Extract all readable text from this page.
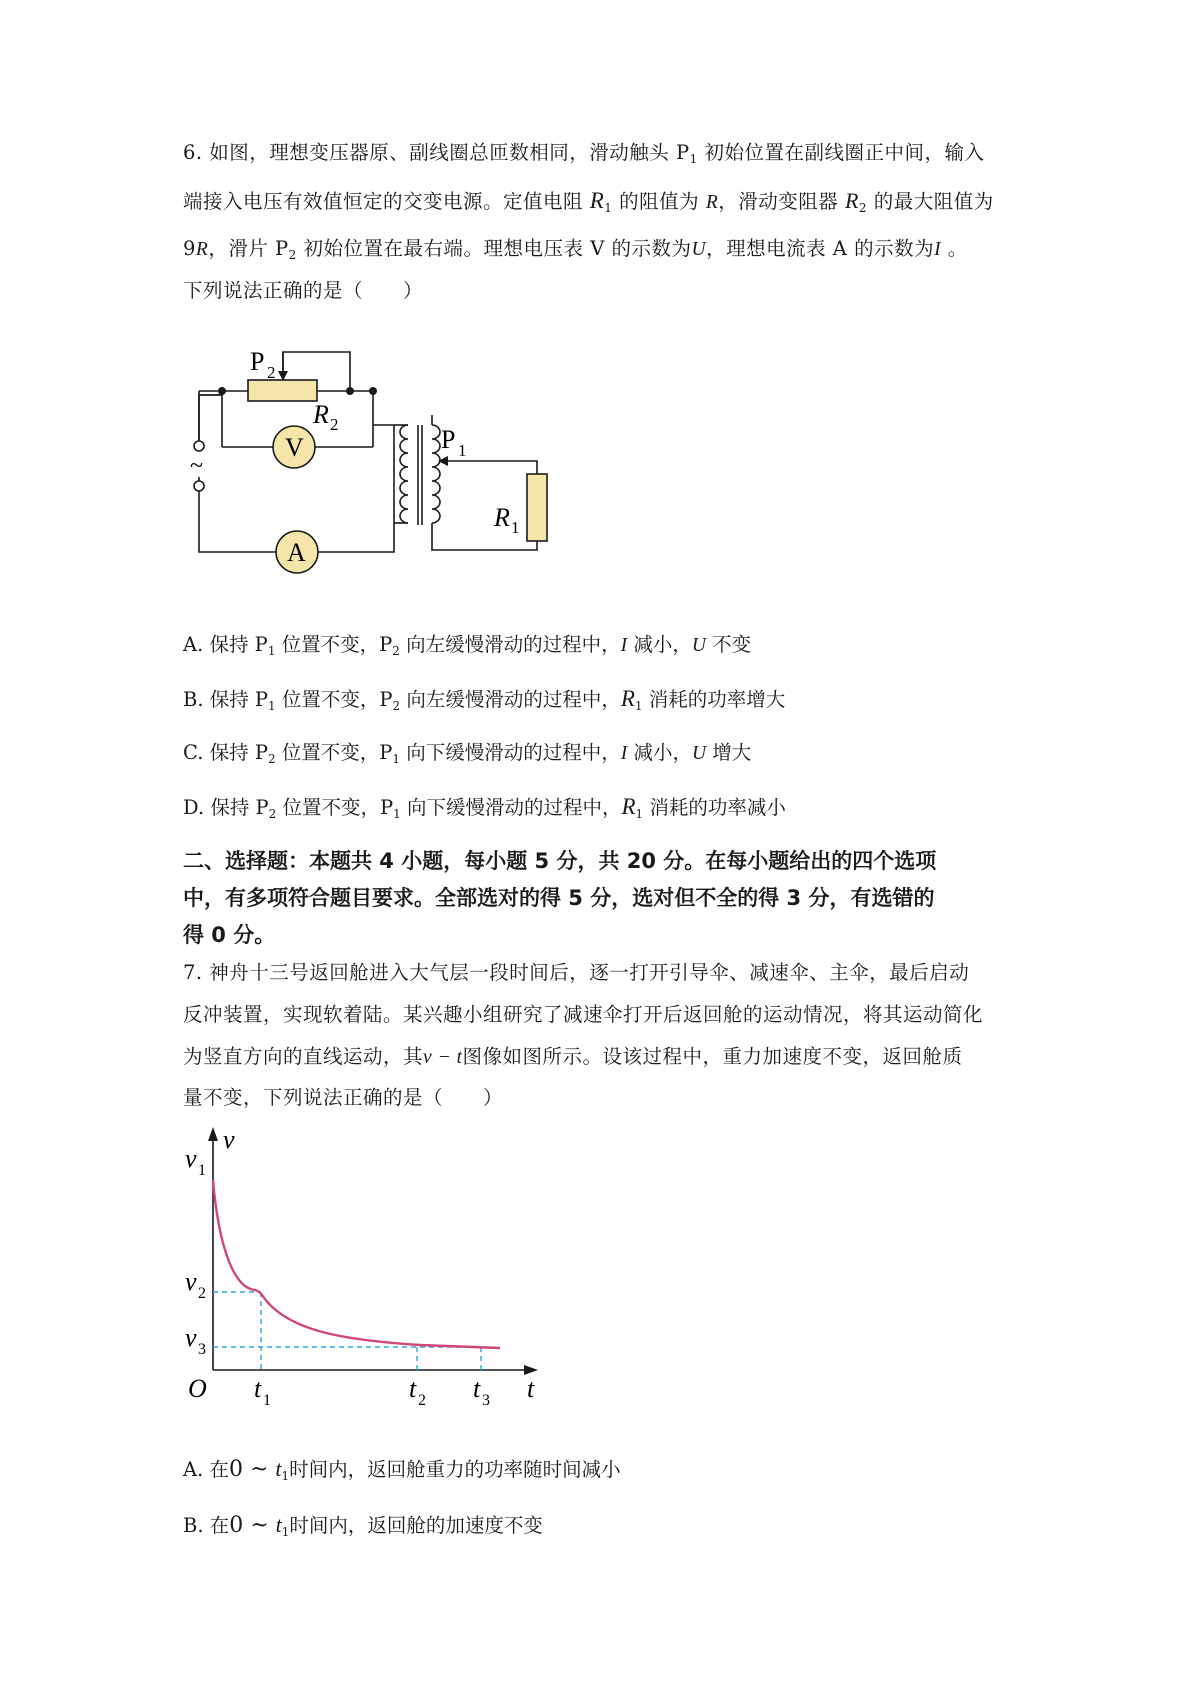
6. 如图，理想变压器原、副线圈总匝数相同，滑动触头 $P_1$ 初始位置在副线圈正中间，输入
端接入电压有效值恒定的交变电源。定值电阻 $R_1$ 的阻值为 R，滑动变阻器 $R_2$ 的最大阻值为
9R，滑片 $P_2$ 初始位置在最右端。理想电压表 V 的示数为U，理想电流表 A 的示数为I 。
下列说法正确的是（　　）
~
V
A
P 2
R 2
P 1
R 1
A. 保持 $P_1$ 位置不变，$P_2$ 向左缓慢滑动的过程中，I 减小，U 不变
B. 保持 $P_1$ 位置不变，$P_2$ 向左缓慢滑动的过程中，$R_1$ 消耗的功率增大
C. 保持 $P_2$ 位置不变，$P_1$ 向下缓慢滑动的过程中，I 减小，U 增大
D. 保持 $P_2$ 位置不变，$P_1$ 向下缓慢滑动的过程中，$R_1$ 消耗的功率减小
二、选择题：本题共 4 小题，每小题 5 分，共 20 分。在每小题给出的四个选项
中，有多项符合题目要求。全部选对的得 5 分，选对但不全的得 3 分，有选错的
得 0 分。
7. 神舟十三号返回舱进入大气层一段时间后，逐一打开引导伞、减速伞、主伞，最后启动
反冲装置，实现软着陆。某兴趣小组研究了减速伞打开后返回舱的运动情况，将其运动简化
为竖直方向的直线运动，其v − t图像如图所示。设该过程中，重力加速度不变，返回舱质
量不变，下列说法正确的是（　　）
v
v 1
v 2
v 3
O t 1	t 2 t 3 t
A. 在0 ~ $t_1$时间内，返回舱重力的功率随时间减小
B. 在0 ~ $t_1$时间内，返回舱的加速度不变
